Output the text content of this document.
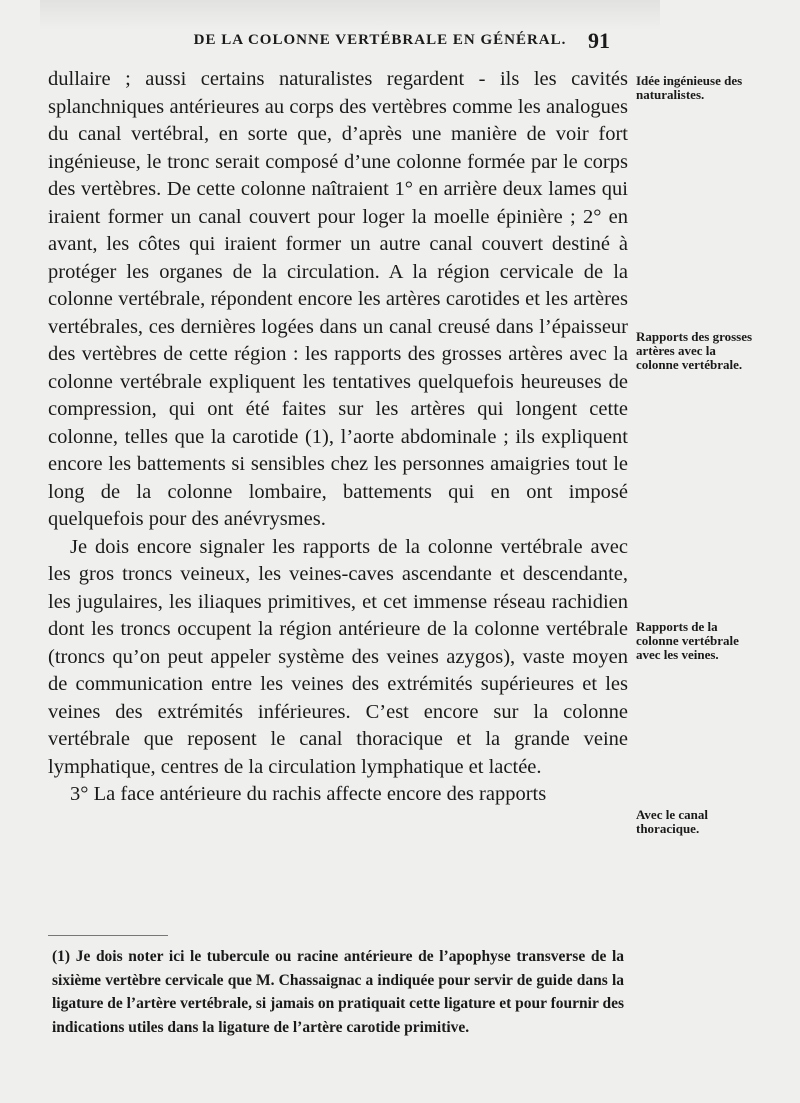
DE LA COLONNE VERTÉBRALE EN GÉNÉRAL. 91

dullaire ; aussi certains naturalistes regardent - ils les cavités splanchniques antérieures au corps des vertèbres comme les analogues du canal vertébral, en sorte que, d’après une manière de voir fort ingénieuse, le tronc serait composé d’une colonne formée par le corps des vertèbres. De cette colonne naîtraient 1° en arrière deux lames qui iraient former un canal couvert pour loger la moelle épinière ; 2° en avant, les côtes qui iraient former un autre canal couvert destiné à protéger les organes de la circulation. A la région cervicale de la colonne vertébrale, répondent encore les artères carotides et les artères vertébrales, ces dernières logées dans un canal creusé dans l’épaisseur des vertèbres de cette région : les rapports des grosses artères avec la colonne vertébrale expliquent les tentatives quelquefois heureuses de compression, qui ont été faites sur les artères qui longent cette colonne, telles que la carotide (1), l’aorte abdominale ; ils expliquent encore les battements si sensibles chez les personnes amaigries tout le long de la colonne lombaire, battements qui en ont imposé quelquefois pour des anévrysmes.

Je dois encore signaler les rapports de la colonne vertébrale avec les gros troncs veineux, les veines-caves ascendante et descendante, les jugulaires, les iliaques primitives, et cet immense réseau rachidien dont les troncs occupent la région antérieure de la colonne vertébrale (troncs qu’on peut appeler système des veines azygos), vaste moyen de communication entre les veines des extrémités supérieures et les veines des extrémités inférieures. C’est encore sur la colonne vertébrale que reposent le canal thoracique et la grande veine lymphatique, centres de la circulation lymphatique et lactée.

3° La face antérieure du rachis affecte encore des rapports

(1) Je dois noter ici le tubercule ou racine antérieure de l’apophyse transverse de la sixième vertèbre cervicale que M. Chassaignac a indiquée pour servir de guide dans la ligature de l’artère vertébrale, si jamais on pratiquait cette ligature et pour fournir des indications utiles dans la ligature de l’artère carotide primitive.
Idée ingénieuse des naturalistes.
Rapports des grosses artères avec la colonne vertébrale.
Rapports de la colonne vertébrale avec les veines.
Avec le canal thoracique.
